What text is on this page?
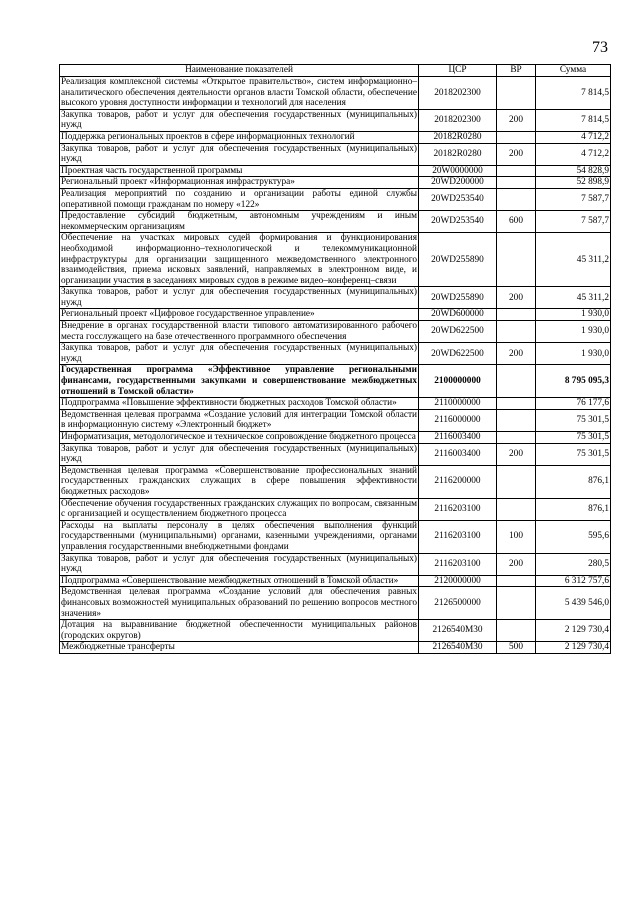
73
Наименование показателей	ЦСР	ВР	Сумма
Реализация комплексной системы «Открытое правительство», систем информационно–аналитического обеспечения деятельности органов власти Томской области, обеспечение высокого уровня доступности информации и технологий для населения	2018202300		7 814,5
Закупка товаров, работ и услуг для обеспечения государственных (муниципальных) нужд	2018202300	200	7 814,5
Поддержка региональных проектов в сфере информационных технологий	20182R0280		4 712,2
Закупка товаров, работ и услуг для обеспечения государственных (муниципальных) нужд	20182R0280	200	4 712,2
Проектная часть государственной программы	20W0000000		54 828,9
Региональный проект «Информационная инфраструктура»	20WD200000		52 898,9
Реализация мероприятий по созданию и организации работы единой службы оперативной помощи гражданам по номеру «122»	20WD253540		7 587,7
Предоставление субсидий бюджетным, автономным учреждениям и иным некоммерческим организациям	20WD253540	600	7 587,7
Обеспечение на участках мировых судей формирования и функционирования необходимой информационно–технологической и телекоммуникационной инфраструктуры для организации защищенного межведомственного электронного взаимодействия, приема исковых заявлений, направляемых в электронном виде, и организации участия в заседаниях мировых судов в режиме видео–конференц–связи	20WD255890		45 311,2
Закупка товаров, работ и услуг для обеспечения государственных (муниципальных) нужд	20WD255890	200	45 311,2
Региональный проект «Цифровое государственное управление»	20WD600000		1 930,0
Внедрение в органах государственной власти типового автоматизированного рабочего места госслужащего на базе отечественного программного обеспечения	20WD622500		1 930,0
Закупка товаров, работ и услуг для обеспечения государственных (муниципальных) нужд	20WD622500	200	1 930,0
Государственная программа «Эффективное управление региональными финансами, государственными закупками и совершенствование межбюджетных отношений в Томской области»	2100000000		8 795 095,3
Подпрограмма «Повышение эффективности бюджетных расходов Томской области»	2110000000		76 177,6
Ведомственная целевая программа «Создание условий для интеграции Томской области в информационную систему «Электронный бюджет»	2116000000		75 301,5
Информатизация, методологическое и техническое сопровождение бюджетного процесса	2116003400		75 301,5
Закупка товаров, работ и услуг для обеспечения государственных (муниципальных) нужд	2116003400	200	75 301,5
Ведомственная целевая программа «Совершенствование профессиональных знаний государственных гражданских служащих в сфере повышения эффективности бюджетных расходов»	2116200000		876,1
Обеспечение обучения государственных гражданских служащих по вопросам, связанным с организацией и осуществлением бюджетного процесса	2116203100		876,1
Расходы на выплаты персоналу в целях обеспечения выполнения функций государственными (муниципальными) органами, казенными учреждениями, органами управления государственными внебюджетными фондами	2116203100	100	595,6
Закупка товаров, работ и услуг для обеспечения государственных (муниципальных) нужд	2116203100	200	280,5
Подпрограмма «Совершенствование межбюджетных отношений в Томской области»	2120000000		6 312 757,6
Ведомственная целевая программа «Создание условий для обеспечения равных финансовых возможностей муниципальных образований по решению вопросов местного значения»	2126500000		5 439 546,0
Дотация на выравнивание бюджетной обеспеченности муниципальных районов (городских округов)	2126540М30		2 129 730,4
Межбюджетные трансферты	2126540М30	500	2 129 730,4
